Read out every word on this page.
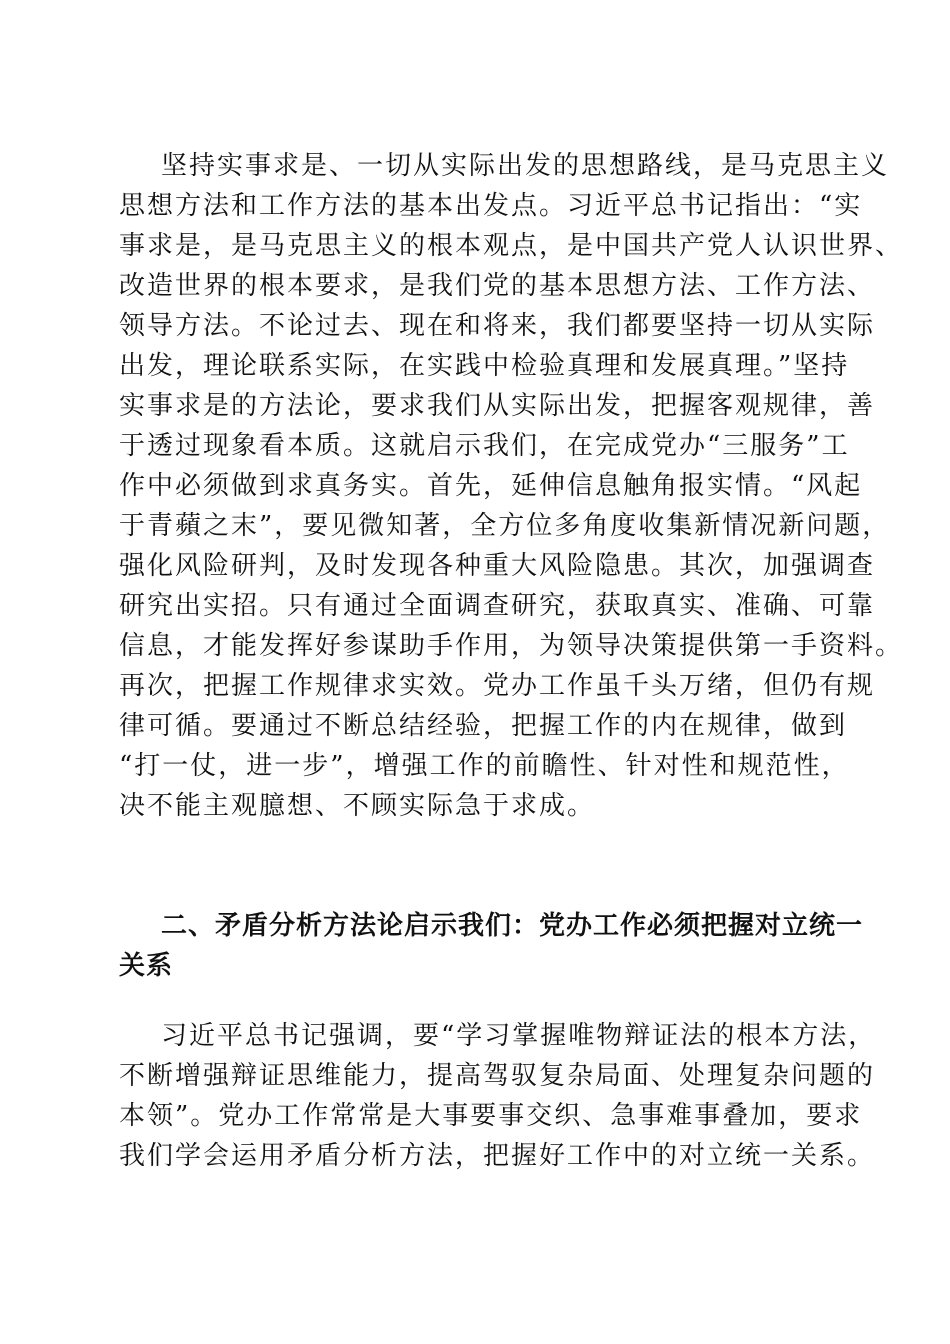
坚持实事求是、一切从实际出发的思想路线，是马克思主义
思想方法和工作方法的基本出发点。习近平总书记指出：“实
事求是，是马克思主义的根本观点，是中国共产党人认识世界、
改造世界的根本要求，是我们党的基本思想方法、工作方法、
领导方法。不论过去、现在和将来，我们都要坚持一切从实际
出发，理论联系实际，在实践中检验真理和发展真理。”坚持
实事求是的方法论，要求我们从实际出发，把握客观规律，善
于透过现象看本质。这就启示我们，在完成党办“三服务”工
作中必须做到求真务实。首先，延伸信息触角报实情。“风起
于青蘋之末”，要见微知著，全方位多角度收集新情况新问题，
强化风险研判，及时发现各种重大风险隐患。其次，加强调查
研究出实招。只有通过全面调查研究，获取真实、准确、可靠
信息，才能发挥好参谋助手作用，为领导决策提供第一手资料。
再次，把握工作规律求实效。党办工作虽千头万绪，但仍有规
律可循。要通过不断总结经验，把握工作的内在规律，做到
“打一仗，进一步”，增强工作的前瞻性、针对性和规范性，
决不能主观臆想、不顾实际急于求成。
二、矛盾分析方法论启示我们：党办工作必须把握对立统一
关系
习近平总书记强调，要“学习掌握唯物辩证法的根本方法，
不断增强辩证思维能力，提高驾驭复杂局面、处理复杂问题的
本领”。党办工作常常是大事要事交织、急事难事叠加，要求
我们学会运用矛盾分析方法，把握好工作中的对立统一关系。
